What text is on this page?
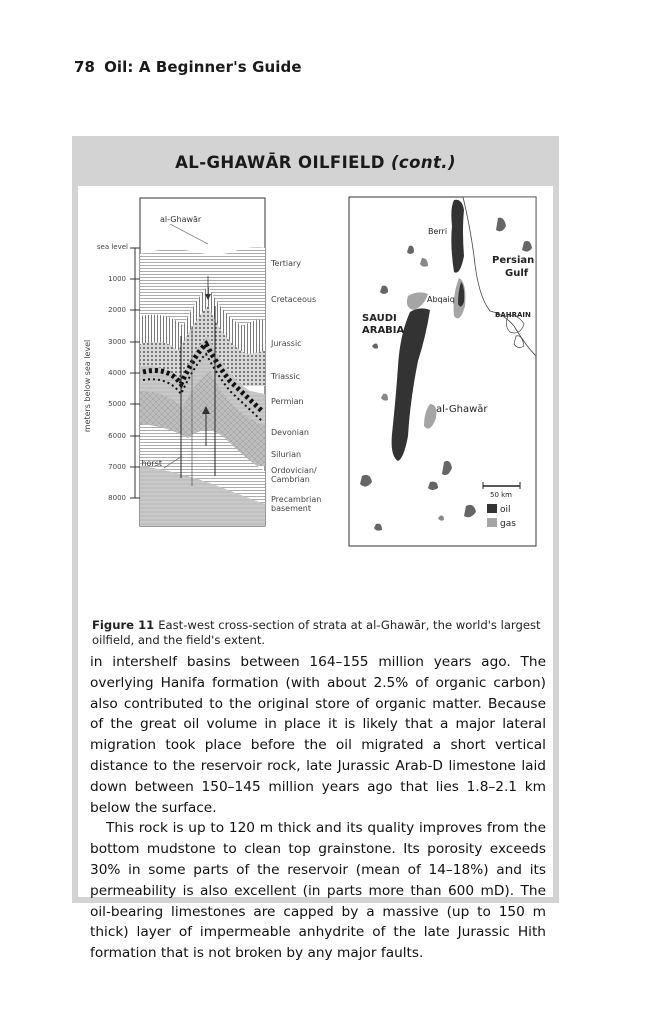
78 Oil: A Beginner's Guide
AL-GHAWĀR OILFIELD (cont.)
al-Ghawār
sea level
meters below sea level
1000
2000
3000
4000
5000
6000
7000
8000
horst
Tertiary
Cretaceous
Jurassic
Triassic
Permian
Devonian
Silurian
Ordovician/
Cambrian
Precambrian
basement
SAUDI
ARABIA
Persian
Gulf
Berri
Abqaiq
BAHRAIN
al-Ghawār
50 km
oil
gas
Figure 11 East-west cross-section of strata at al-Ghawār, the world's largest oilfield, and the field's extent.

in intershelf basins between 164–155 million years ago. The overlying Hanifa formation (with about 2.5% of organic carbon) also contributed to the original store of organic matter. Because of the great oil volume in place it is likely that a major lateral migration took place before the oil migrated a short vertical distance to the reservoir rock, late Jurassic Arab-D limestone laid down between 150–145 million years ago that lies 1.8–2.1 km below the surface.

This rock is up to 120 m thick and its quality improves from the bottom mudstone to clean top grainstone. Its porosity exceeds 30% in some parts of the reservoir (mean of 14–18%) and its permeability is also excellent (in parts more than 600 mD). The oil-bearing limestones are capped by a massive (up to 150 m thick) layer of impermeable anhydrite of the late Jurassic Hith formation that is not broken by any major faults.
